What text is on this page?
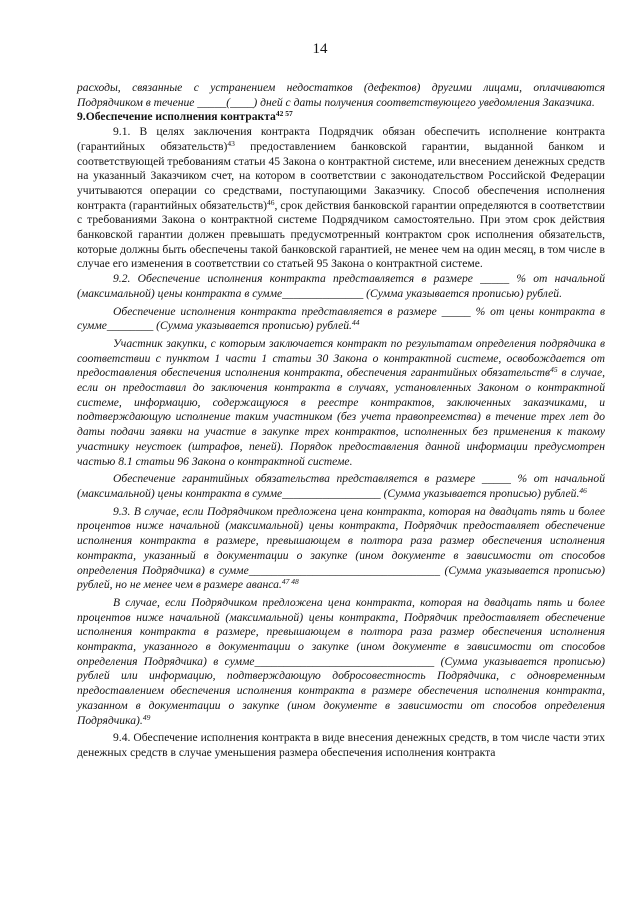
14

расходы, связанные с устранением недостатков (дефектов) другими лицами, оплачиваются Подрядчиком в течение _____(____) дней с даты получения соответствующего уведомления Заказчика.

9.Обеспечение исполнения контракта$^{42 57}$

9.1. В целях заключения контракта Подрядчик обязан обеспечить исполнение контракта (гарантийных обязательств)$^{43}$ предоставлением банковской гарантии, выданной банком и соответствующей требованиям статьи 45 Закона о контрактной системе, или внесением денежных средств на указанный Заказчиком счет, на котором в соответствии с законодательством Российской Федерации учитываются операции со средствами, поступающими Заказчику. Способ обеспечения исполнения контракта (гарантийных обязательств)$^{46}$, срок действия банковской гарантии определяются в соответствии с требованиями Закона о контрактной системе Подрядчиком самостоятельно. При этом срок действия банковской гарантии должен превышать предусмотренный контрактом срок исполнения обязательств, которые должны быть обеспечены такой банковской гарантией, не менее чем на один месяц, в том числе в случае его изменения в соответствии со статьей 95 Закона о контрактной системе.

9.2. Обеспечение исполнения контракта представляется в размере _____ % от начальной (максимальной) цены контракта в сумме______________ (Сумма указывается прописью) рублей.

Обеспечение исполнения контракта представляется в размере _____ % от цены контракта в сумме________ (Сумма указывается прописью) рублей.$^{44}$

Участник закупки, с которым заключается контракт по результатам определения подрядчика в соответствии с пунктом 1 части 1 статьи 30 Закона о контрактной системе, освобождается от предоставления обеспечения исполнения контракта, обеспечения гарантийных обязательств$^{45}$ в случае, если он предоставил до заключения контракта в случаях, установленных Законом о контрактной системе, информацию, содержащуюся в реестре контрактов, заключенных заказчиками, и подтверждающую исполнение таким участником (без учета правопреемства) в течение трех лет до даты подачи заявки на участие в закупке трех контрактов, исполненных без применения к такому участнику неустоек (штрафов, пеней). Порядок предоставления данной информации предусмотрен частью 8.1 статьи 96 Закона о контрактной системе.

Обеспечение гарантийных обязательства представляется в размере _____ % от начальной (максимальной) цены контракта в сумме_________________ (Сумма указывается прописью) рублей.$^{46}$

9.3. В случае, если Подрядчиком предложена цена контракта, которая на двадцать пять и более процентов ниже начальной (максимальной) цены контракта, Подрядчик предоставляет обеспечение исполнения контракта в размере, превышающем в полтора раза размер обеспечения исполнения контракта, указанный в документации о закупке (ином документе в зависимости от способов определения Подрядчика) в сумме_________________________________ (Сумма указывается прописью) рублей, но не менее чем в размере аванса.$^{47 48}$

В случае, если Подрядчиком предложена цена контракта, которая на двадцать пять и более процентов ниже начальной (максимальной) цены контракта, Подрядчик предоставляет обеспечение исполнения контракта в размере, превышающем в полтора раза размер обеспечения исполнения контракта, указанного в документации о закупке (ином документе в зависимости от способов определения Подрядчика) в сумме_______________________________ (Сумма указывается прописью) рублей или информацию, подтверждающую добросовестность Подрядчика, с одновременным предоставлением обеспечения исполнения контракта в размере обеспечения исполнения контракта, указанном в документации о закупке (ином документе в зависимости от способов определения Подрядчика).$^{49}$

9.4. Обеспечение исполнения контракта в виде внесения денежных средств, в том числе части этих денежных средств в случае уменьшения размера обеспечения исполнения контракта
